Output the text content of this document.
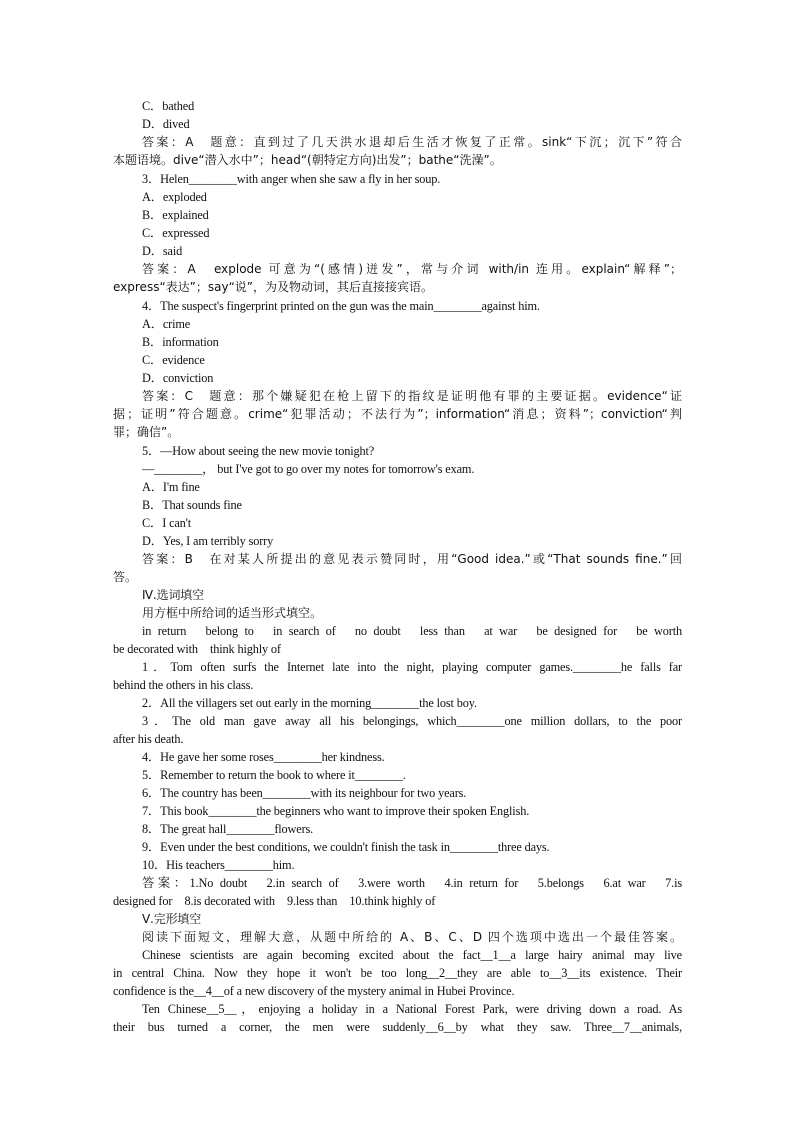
C．bathed
D．dived
答案：A　题意：直到过了几天洪水退却后生活才恢复了正常。sink“下沉；沉下”符合
本题语境。dive“潜入水中”；head“(朝特定方向)出发”；bathe“洗澡”。
3．Helen________with anger when she saw a fly in her soup.
A．exploded
B．explained
C．expressed
D．said
答案：A　explode 可意为“(感情)迸发”，常与介词 with/in 连用。explain“解释”；
express“表达”；say“说”，为及物动词，其后直接接宾语。
4．The suspect's fingerprint printed on the gun was the main________against him.
A．crime
B．information
C．evidence
D．conviction
答案：C　题意：那个嫌疑犯在枪上留下的指纹是证明他有罪的主要证据。evidence“证
据；证明”符合题意。crime“犯罪活动；不法行为”；information“消息；资料”；conviction“判
罪；确信”。
5．—How about seeing the new movie tonight?
—________， but I've got to go over my notes for tomorrow's exam.
A．I'm fine
B．That sounds fine
C．I can't
D．Yes, I am terribly sorry
答案：B　在对某人所提出的意见表示赞同时，用“Good idea.”或“That sounds fine.”回
答。
Ⅳ.选词填空
用方框中所给词的适当形式填空。
in return　belong to　in search of　no doubt　less than　at war　be designed for　be worth
be decorated with　think highly of
1．Tom often surfs the Internet late into the night, playing computer games.________he falls far
behind the others in his class.
2．All the villagers set out early in the morning________the lost boy.
3．The old man gave away all his belongings, which________one million dollars, to the poor
after his death.
4．He gave her some roses________her kindness.
5．Remember to return the book to where it________.
6．The country has been________with its neighbour for two years.
7．This book________the beginners who want to improve their spoken English.
8．The great hall________flowers.
9．Even under the best conditions, we couldn't finish the task in________three days.
10．His teachers________him.
答案：1.No doubt　2.in search of　3.were worth　4.in return for　5.belongs　6.at war　7.is
designed for　8.is decorated with　9.less than　10.think highly of
Ⅴ.完形填空
阅读下面短文，理解大意，从题中所给的 A、B、C、D 四个选项中选出一个最佳答案。
Chinese scientists are again becoming excited about the fact__1__a large hairy animal may live
in central China. Now they hope it won't be too long__2__they are able to__3__its existence. Their
confidence is the__4__of a new discovery of the mystery animal in Hubei Province.
Ten Chinese__5__，enjoying a holiday in a National Forest Park, were driving down a road. As
their bus turned a corner, the men were suddenly__6__by what they saw. Three__7__animals,
